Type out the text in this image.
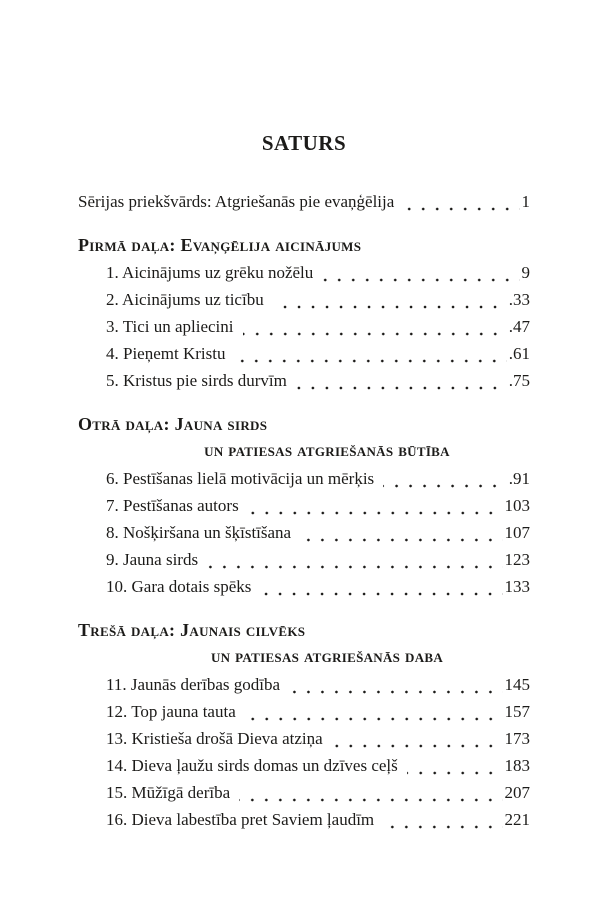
SATURS
Sērijas priekšvārds: Atgriešanās pie evaņģēlija	1
Pirmā daļa: Evaņģēlija aicinājums
1. Aicinājums uz grēku nožēlu	9
2. Aicinājums uz ticību	.33
3. Tici un apliecini	.47
4. Pieņemt Kristu	.61
5. Kristus pie sirds durvīm	.75
Otrā daļa: Jauna sirds
un patiesas atgriešanās būtība
6. Pestīšanas lielā motivācija un mērķis	.91
7. Pestīšanas autors	103
8. Nošķiršana un šķīstīšana	107
9. Jauna sirds	123
10. Gara dotais spēks	133
Trešā daļa: Jaunais cilvēks
un patiesas atgriešanās daba
11. Jaunās derības godība	145
12. Top jauna tauta	157
13. Kristieša drošā Dieva atziņa	173
14. Dieva ļaužu sirds domas un dzīves ceļš	183
15. Mūžīgā derība	207
16. Dieva labestība pret Saviem ļaudīm	221
